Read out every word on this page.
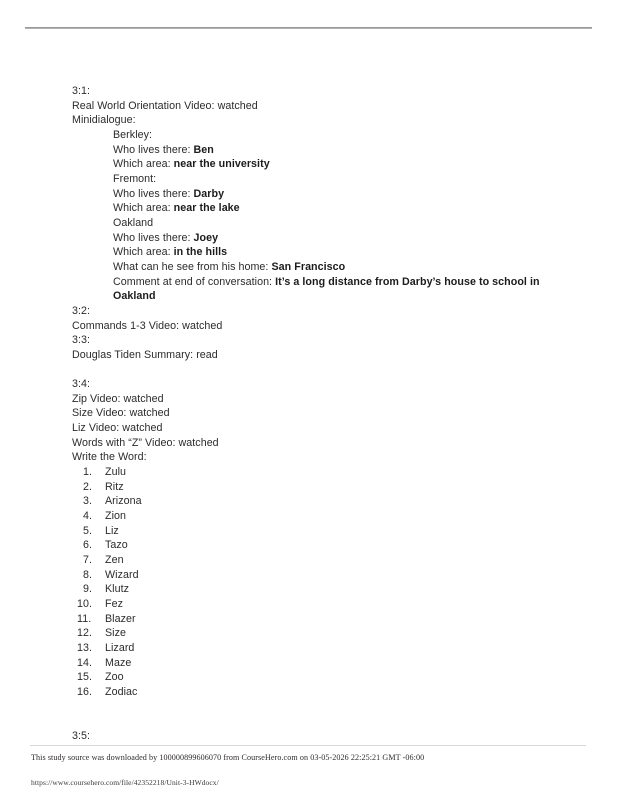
3:1:
Real World Orientation Video: watched
Minidialogue:
Berkley:
Who lives there: Ben
Which area: near the university
Fremont:
Who lives there: Darby
Which area: near the lake
Oakland
Who lives there: Joey
Which area: in the hills
What can he see from his home: San Francisco
Comment at end of conversation: It’s a long distance from Darby’s house to school in Oakland
3:2:
Commands 1-3 Video: watched
3:3:
Douglas Tiden Summary: read
3:4:
Zip Video: watched
Size Video: watched
Liz Video: watched
Words with “Z” Video: watched
Write the Word:
1.	Zulu
2.	Ritz
3.	Arizona
4.	Zion
5.	Liz
6.	Tazo
7.	Zen
8.	Wizard
9.	Klutz
10.	Fez
11.	Blazer
12.	Size
13.	Lizard
14.	Maze
15.	Zoo
16.	Zodiac
3:5:
This study source was downloaded by 100000899606070 from CourseHero.com on 03-05-2026 22:25:21 GMT -06:00
https://www.coursehero.com/file/42352218/Unit-3-HWdocx/
